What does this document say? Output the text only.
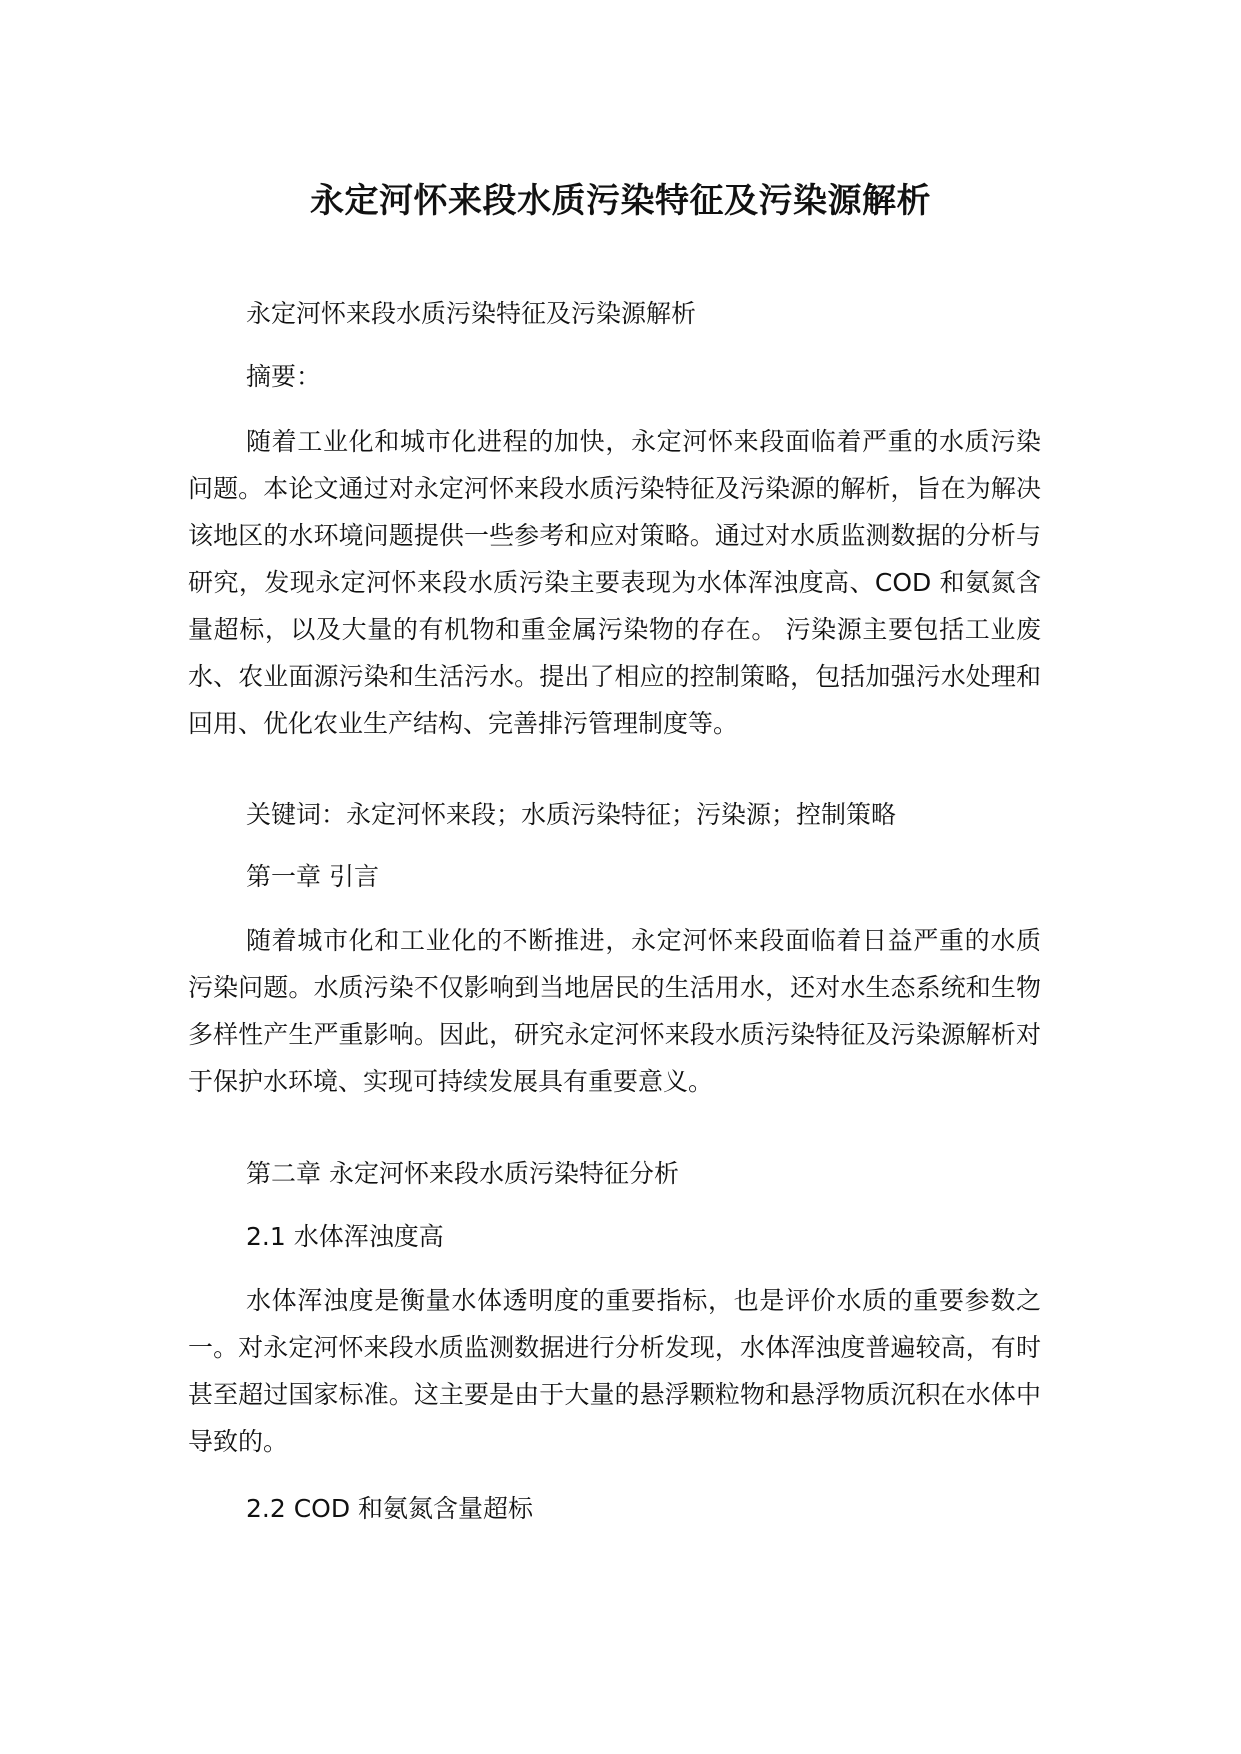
永定河怀来段水质污染特征及污染源解析

永定河怀来段水质污染特征及污染源解析

摘要：

随着工业化和城市化进程的加快，永定河怀来段面临着严重的水质污染问题。本论文通过对永定河怀来段水质污染特征及污染源的解析，旨在为解决该地区的水环境问题提供一些参考和应对策略。通过对水质监测数据的分析与研究，发现永定河怀来段水质污染主要表现为水体浑浊度高、COD 和氨氮含量超标，以及大量的有机物和重金属污染物的存在。 污染源主要包括工业废水、农业面源污染和生活污水。提出了相应的控制策略，包括加强污水处理和回用、优化农业生产结构、完善排污管理制度等。

关键词：永定河怀来段；水质污染特征；污染源；控制策略

第一章 引言

随着城市化和工业化的不断推进，永定河怀来段面临着日益严重的水质污染问题。水质污染不仅影响到当地居民的生活用水，还对水生态系统和生物多样性产生严重影响。因此，研究永定河怀来段水质污染特征及污染源解析对于保护水环境、实现可持续发展具有重要意义。

第二章 永定河怀来段水质污染特征分析

2.1 水体浑浊度高

水体浑浊度是衡量水体透明度的重要指标，也是评价水质的重要参数之一。对永定河怀来段水质监测数据进行分析发现，水体浑浊度普遍较高，有时甚至超过国家标准。这主要是由于大量的悬浮颗粒物和悬浮物质沉积在水体中导致的。

2.2 COD 和氨氮含量超标
